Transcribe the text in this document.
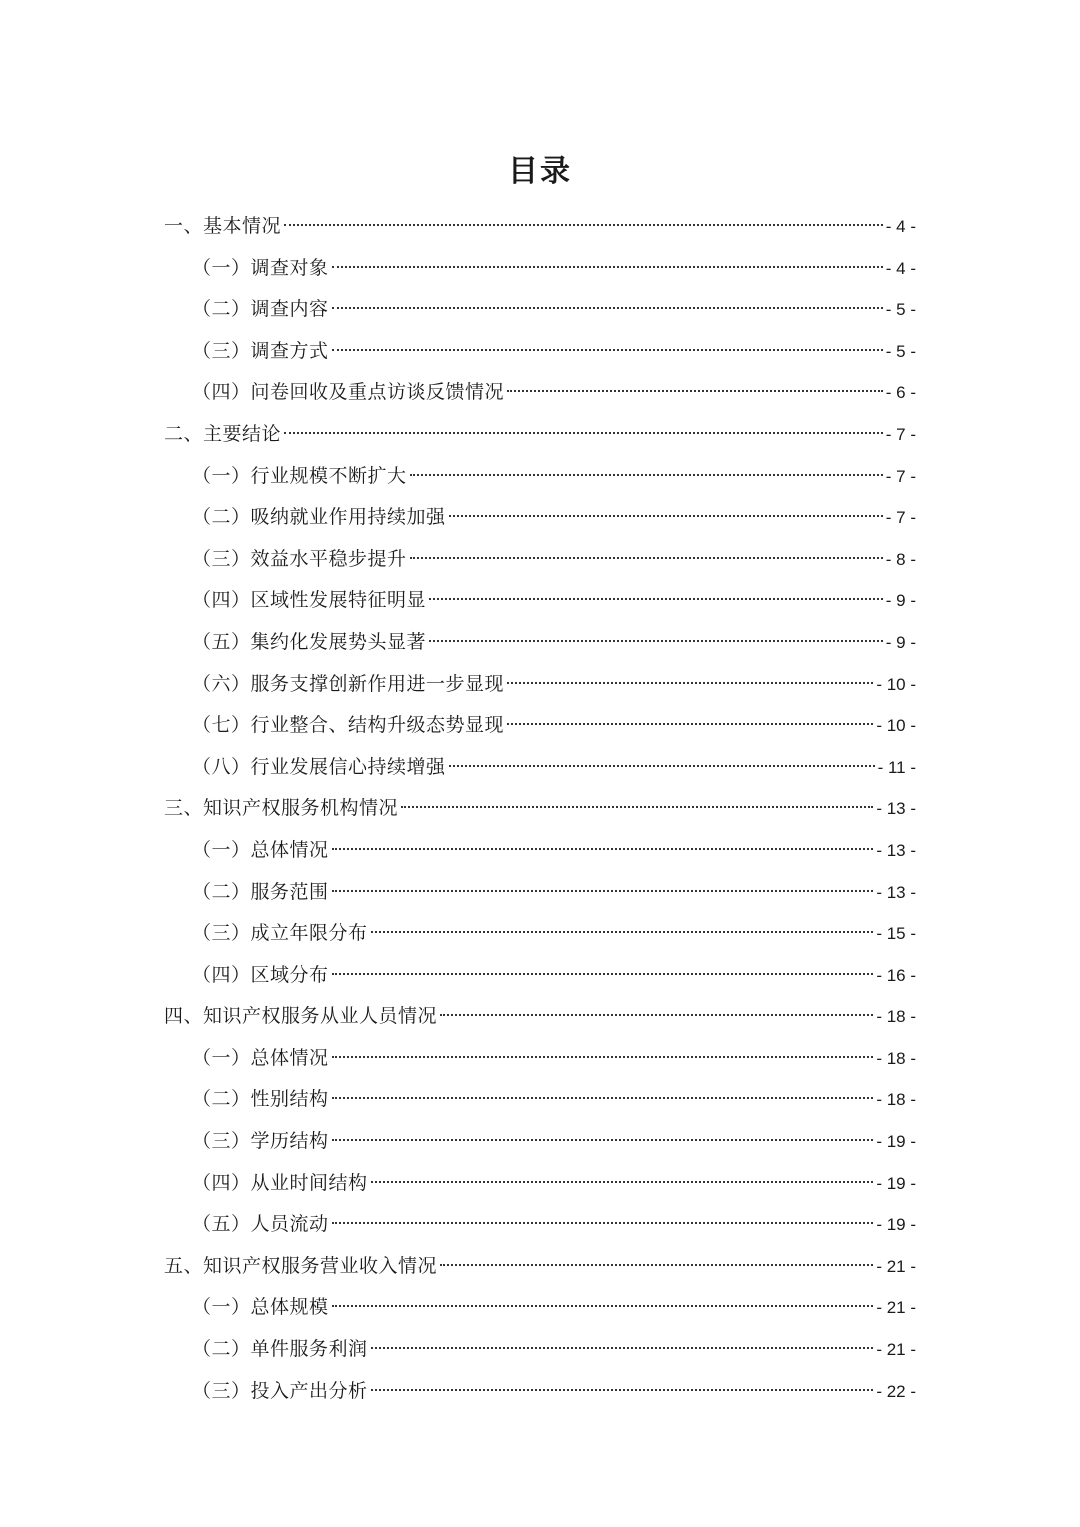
目录
一、基本情况	- 4 -
（一）调查对象	- 4 -
（二）调查内容	- 5 -
（三）调查方式	- 5 -
（四）问卷回收及重点访谈反馈情况	- 6 -
二、主要结论	- 7 -
（一）行业规模不断扩大	- 7 -
（二）吸纳就业作用持续加强	- 7 -
（三）效益水平稳步提升	- 8 -
（四）区域性发展特征明显	- 9 -
（五）集约化发展势头显著	- 9 -
（六）服务支撑创新作用进一步显现	- 10 -
（七）行业整合、结构升级态势显现	- 10 -
（八）行业发展信心持续增强	- 11 -
三、知识产权服务机构情况	- 13 -
（一）总体情况	- 13 -
（二）服务范围	- 13 -
（三）成立年限分布	- 15 -
（四）区域分布	- 16 -
四、知识产权服务从业人员情况	- 18 -
（一）总体情况	- 18 -
（二）性别结构	- 18 -
（三）学历结构	- 19 -
（四）从业时间结构	- 19 -
（五）人员流动	- 19 -
五、知识产权服务营业收入情况	- 21 -
（一）总体规模	- 21 -
（二）单件服务利润	- 21 -
（三）投入产出分析	- 22 -
